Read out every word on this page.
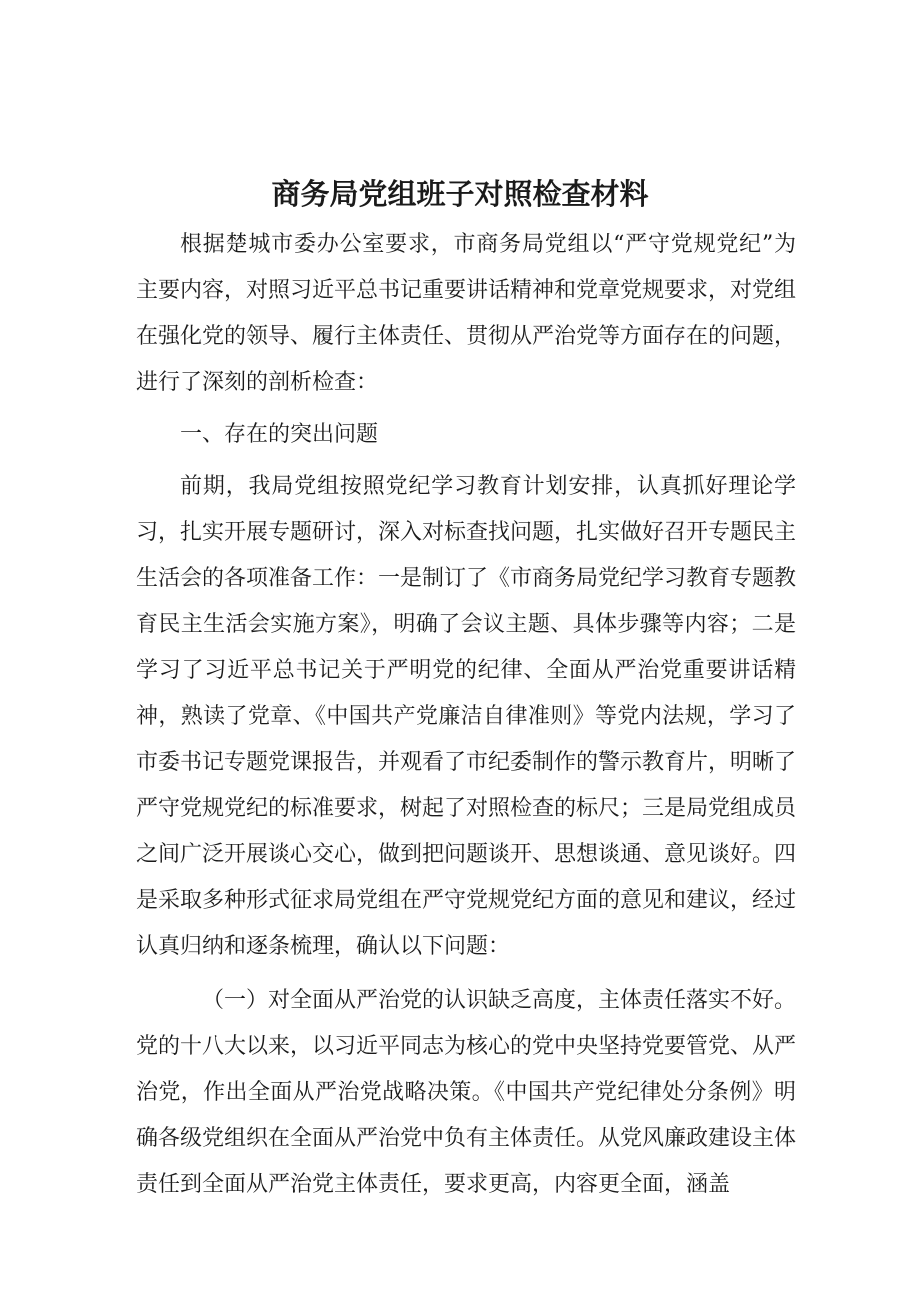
商务局党组班子对照检查材料

根据楚城市委办公室要求，市商务局党组以“严守党规党纪”为主要内容，对照习近平总书记重要讲话精神和党章党规要求，对党组在强化党的领导、履行主体责任、贯彻从严治党等方面存在的问题，进行了深刻的剖析检查：

一、存在的突出问题

前期，我局党组按照党纪学习教育计划安排，认真抓好理论学习，扎实开展专题研讨，深入对标查找问题，扎实做好召开专题民主生活会的各项准备工作：一是制订了《市商务局党纪学习教育专题教育民主生活会实施方案》，明确了会议主题、具体步骤等内容；二是学习了习近平总书记关于严明党的纪律、全面从严治党重要讲话精神，熟读了党章、《中国共产党廉洁自律准则》等党内法规，学习了市委书记专题党课报告，并观看了市纪委制作的警示教育片，明晰了严守党规党纪的标准要求，树起了对照检查的标尺；三是局党组成员之间广泛开展谈心交心，做到把问题谈开、思想谈通、意见谈好。四是采取多种形式征求局党组在严守党规党纪方面的意见和建议，经过认真归纳和逐条梳理，确认以下问题：

（一）对全面从严治党的认识缺乏高度，主体责任落实不好。党的十八大以来，以习近平同志为核心的党中央坚持党要管党、从严治党，作出全面从严治党战略决策。《中国共产党纪律处分条例》明确各级党组织在全面从严治党中负有主体责任。从党风廉政建设主体责任到全面从严治党主体责任，要求更高，内容更全面，涵盖
